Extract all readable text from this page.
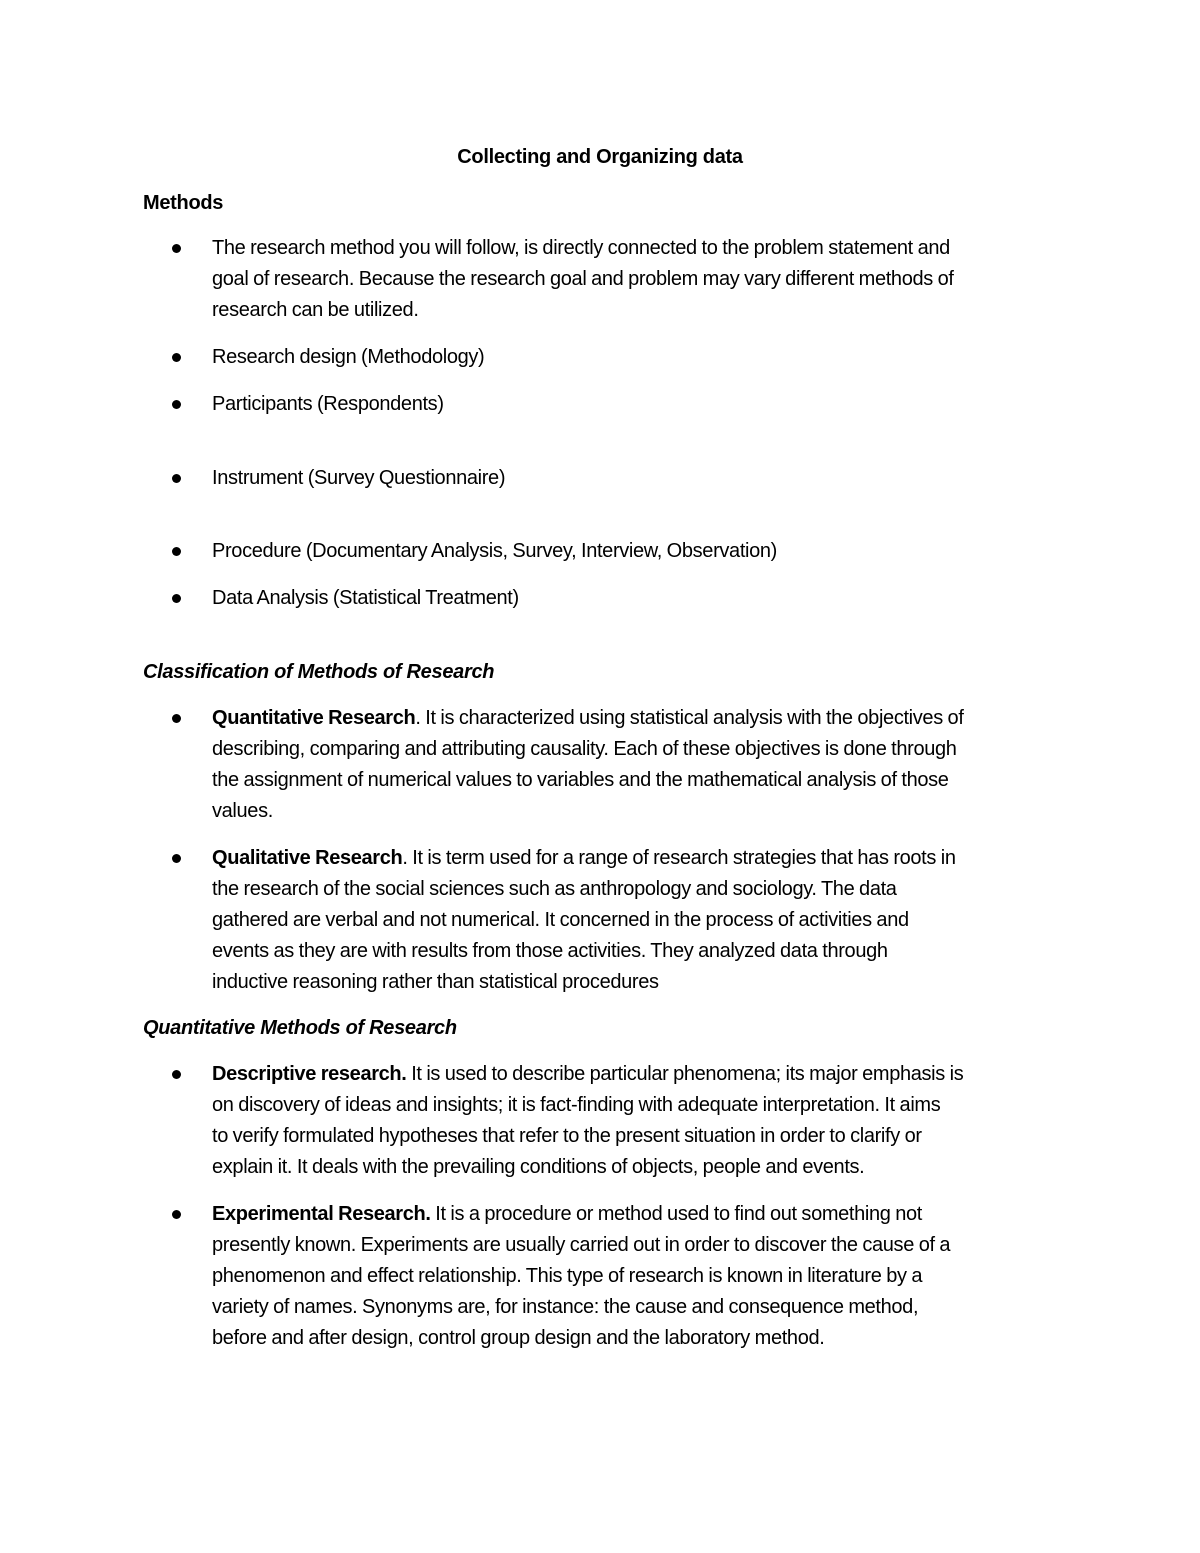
Collecting and Organizing data
Methods
The research method you will follow, is directly connected to the problem statement and
goal of research. Because the research goal and problem may vary different methods of
research can be utilized.
Research design (Methodology)
Participants (Respondents)
Instrument (Survey Questionnaire)
Procedure (Documentary Analysis, Survey, Interview, Observation)
Data Analysis (Statistical Treatment)
Classification of Methods of Research
Quantitative Research. It is characterized using statistical analysis with the objectives of
describing, comparing and attributing causality. Each of these objectives is done through
the assignment of numerical values to variables and the mathematical analysis of those
values.
Qualitative Research. It is term used for a range of research strategies that has roots in
the research of the social sciences such as anthropology and sociology. The data
gathered are verbal and not numerical. It concerned in the process of activities and
events as they are with results from those activities. They analyzed data through
inductive reasoning rather than statistical procedures
Quantitative Methods of Research
Descriptive research. It is used to describe particular phenomena; its major emphasis is
on discovery of ideas and insights; it is fact-finding with adequate interpretation. It aims
to verify formulated hypotheses that refer to the present situation in order to clarify or
explain it. It deals with the prevailing conditions of objects, people and events.
Experimental Research. It is a procedure or method used to find out something not
presently known. Experiments are usually carried out in order to discover the cause of a
phenomenon and effect relationship. This type of research is known in literature by a
variety of names. Synonyms are, for instance: the cause and consequence method,
before and after design, control group design and the laboratory method.
